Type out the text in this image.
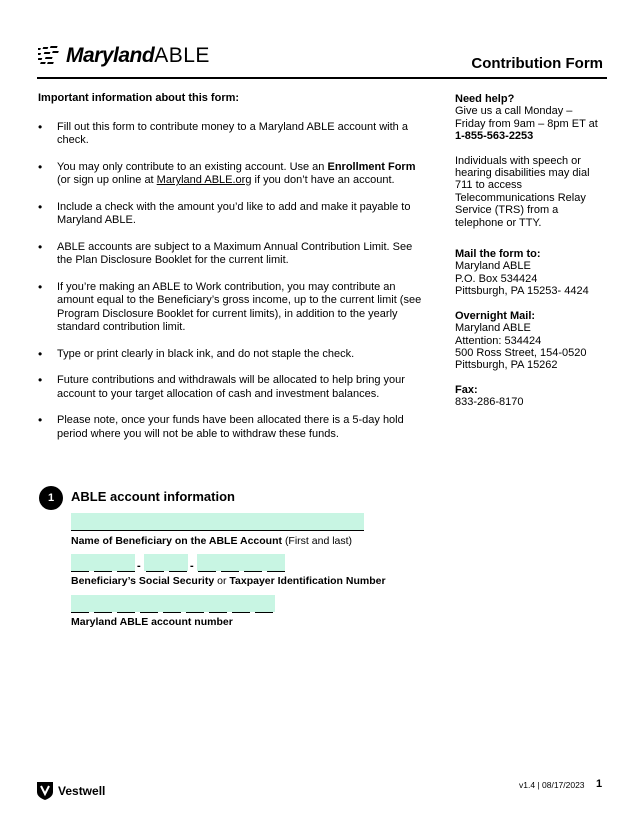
MarylandABLE	Contribution Form
Important information about this form:
• Fill out this form to contribute money to a Maryland ABLE account with a check.
• You may only contribute to an existing account. Use an Enrollment Form (or sign up online at Maryland ABLE.org if you don’t have an account.
• Include a check with the amount you’d like to add and make it payable to Maryland ABLE.
• ABLE accounts are subject to a Maximum Annual Contribution Limit. See the Plan Disclosure Booklet for the current limit.
• If you’re making an ABLE to Work contribution, you may contribute an amount equal to the Beneficiary’s gross income, up to the current limit (see Program Disclosure Booklet for current limits), in addition to the yearly standard contribution limit.
• Type or print clearly in black ink, and do not staple the check.
• Future contributions and withdrawals will be allocated to help bring your account to your target allocation of cash and investment balances.
• Please note, once your funds have been allocated there is a 5-day hold period where you will not be able to withdraw these funds.

Need help?

Give us a call Monday – Friday from 9am – 8pm ET at 1-855-563-2253

Individuals with speech or hearing disabilities may dial 711 to access Telecommunications Relay Service (TRS) from a telephone or TTY.

Mail the form to:

Maryland ABLE

P.O. Box 534424

Pittsburgh, PA 15253- 4424

Overnight Mail:

Maryland ABLE

Attention: 534424

500 Ross Street, 154-0520

Pittsburgh, PA 15262

Fax:

833-286-8170

1	ABLE account information
Name of Beneficiary on the ABLE Account (First and last)
-	-
Beneficiary’s Social Security or Taxpayer Identification Number
Maryland ABLE account number
Vestwell	v1.4 | 08/17/2023 1
